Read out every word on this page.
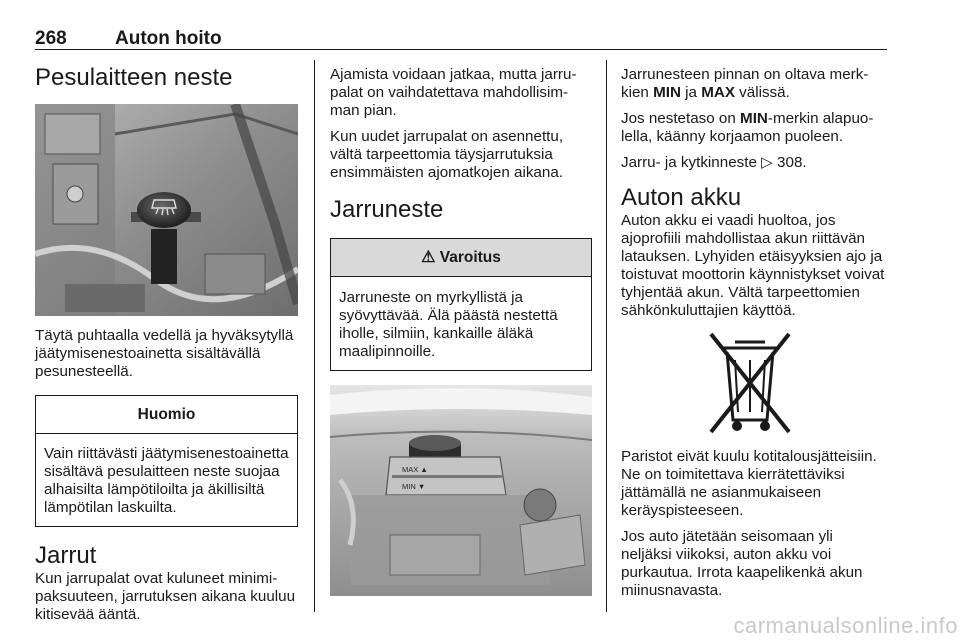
268	Auton hoito
Pesulaitteen neste
Täytä puhtaalla vedellä ja hyväksytyllä jäätymisenestoainetta sisältävällä pesunesteellä.
Huomio
Vain riittävästi jäätymisenestoainetta sisältävä pesulaitteen neste suojaa alhaisilta lämpötiloilta ja äkillisiltä lämpötilan laskuilta.
Jarrut
Kun jarrupalat ovat kuluneet minimipaksuuteen, jarrutuksen aikana kuuluu kitisevää ääntä.
Ajamista voidaan jatkaa, mutta jarrupalat on vaihdatettava mahdollisimman pian.
Kun uudet jarrupalat on asennettu, vältä tarpeettomia täysjarrutuksia ensimmäisten ajomatkojen aikana.
Jarruneste
⚠ Varoitus
Jarruneste on myrkyllistä ja syövyttävää. Älä päästä nestettä iholle, silmiin, kankaille äläkä maalipinnoille.
MAX ▲
MIN ▼
Jarrunesteen pinnan on oltava merkkien MIN ja MAX välissä.
Jos nestetaso on MIN-merkin alapuolella, käänny korjaamon puoleen.
Jarru- ja kytkinneste ▷ 308.
Auton akku
Auton akku ei vaadi huoltoa, jos ajoprofiili mahdollistaa akun riittävän latauksen. Lyhyiden etäisyyksien ajo ja toistuvat moottorin käynnistykset voivat tyhjentää akun. Vältä tarpeettomien sähkönkuluttajien käyttöä.
Paristot eivät kuulu kotitalousjätteisiin. Ne on toimitettava kierrätettäviksi jättämällä ne asianmukaiseen keräyspisteeseen.
Jos auto jätetään seisomaan yli neljäksi viikoksi, auton akku voi purkautua. Irrota kaapelikenkä akun miinusnavasta.
carmanualsonline.info
